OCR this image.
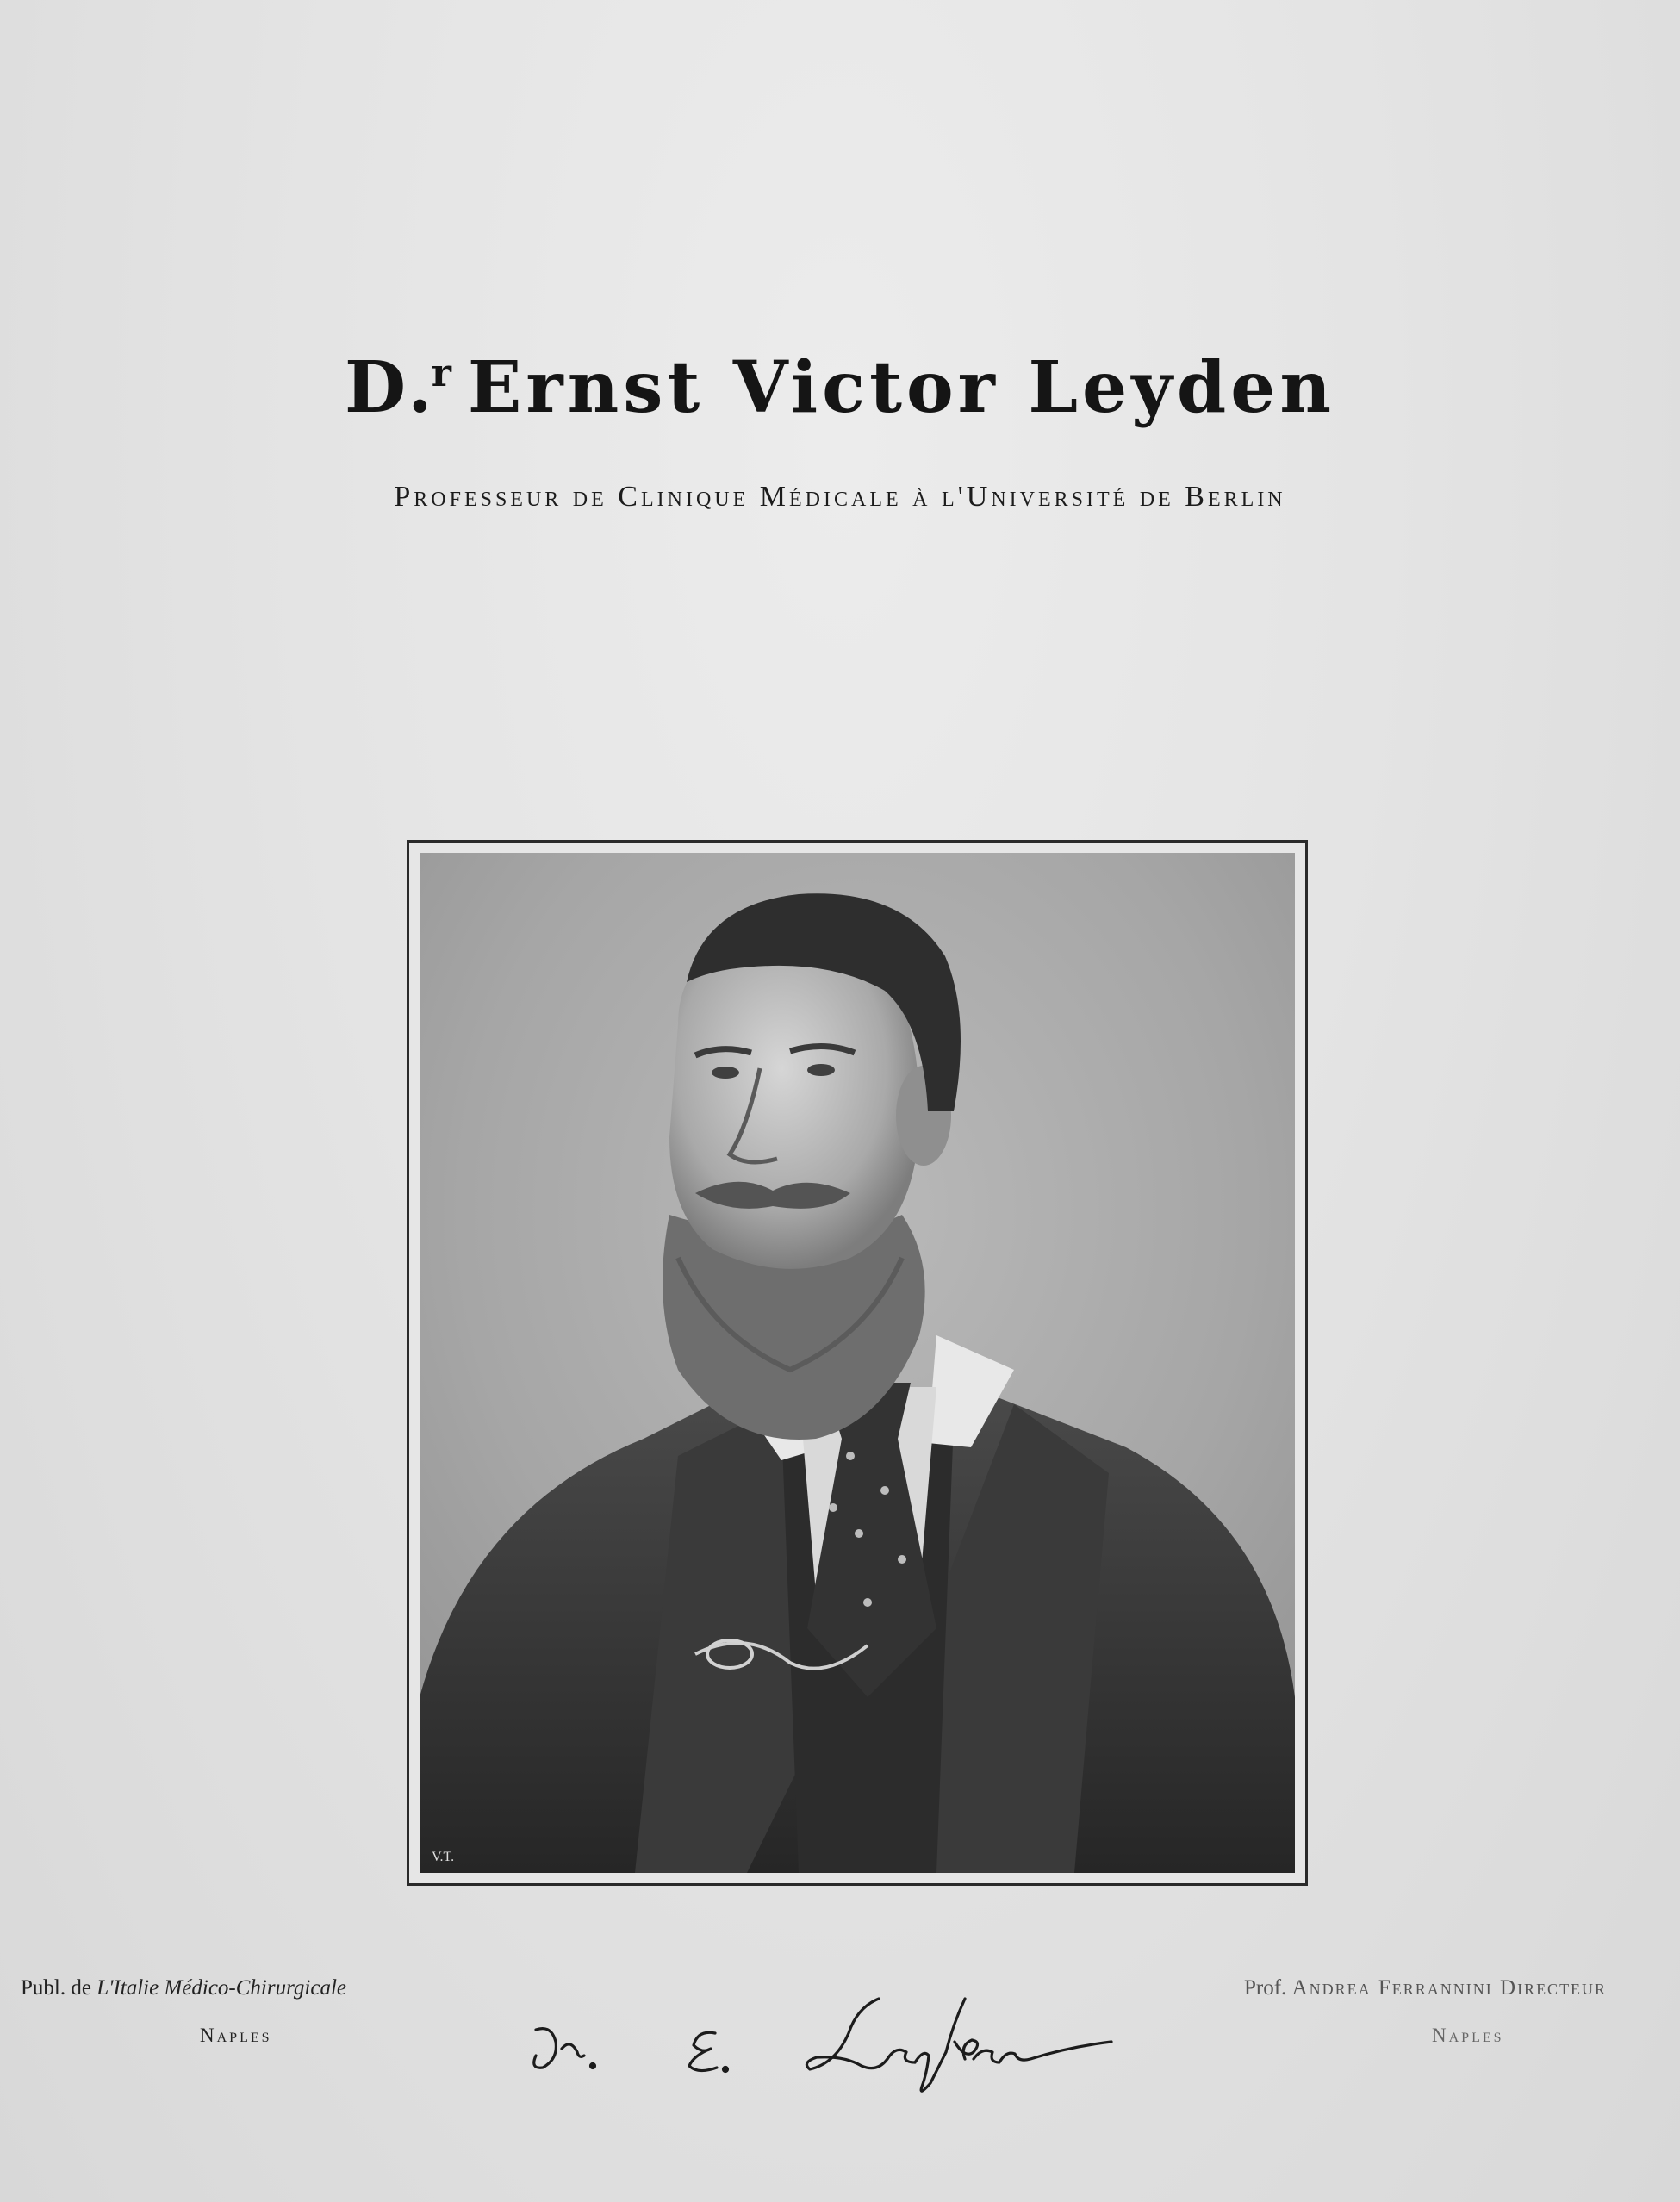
D.$^r$ Ernst Victor Leyden
Professeur de Clinique Médicale à l'Université de Berlin
V.T.
Publ. de L'Italie Médico-Chirurgicale
Naples
Prof. Andrea Ferrannini Directeur
Naples
